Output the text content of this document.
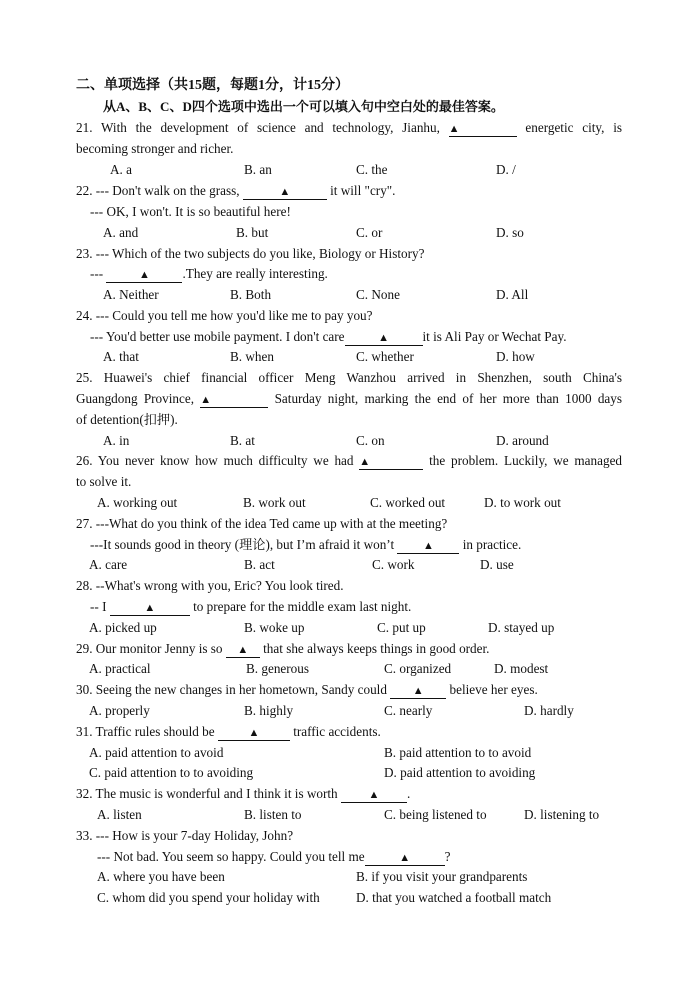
二、单项选择（共15题，每题1分，计15分）
从A、B、C、D四个选项中选出一个可以填入句中空白处的最佳答案。
21. With the development of science and technology, Jianhu, ▲	energetic city, is
becoming stronger and richer.
A. a	B. an	C. the	D. /
22. --- Don't walk on the grass,	▲	it will "cry".
--- OK, I won't. It is so beautiful here!
A. and	B. but	C. or	D. so
23. --- Which of the two subjects do you like, Biology or History?
---	▲ .They are really interesting.
A. Neither	B. Both	C. None	D. All
24. --- Could you tell me how you'd like me to pay you?
--- You'd better use mobile payment. I don't care	▲	it is Ali Pay or Wechat Pay.
A. that	B. when	C. whether	D. how
25. Huawei's chief financial officer Meng Wanzhou arrived in Shenzhen, south China's
Guangdong Province, ▲	Saturday night, marking the end of her more than 1000 days
of detention(扣押).
A. in	B. at	C. on	D. around
26. You never know how much difficulty we had ▲	the problem. Luckily, we managed
to solve it.
A. working out	B. work out	C. worked out	D. to work out
27. ---What do you think of the idea Ted came up with at the meeting?
---It sounds good in theory (理论), but I’m afraid it won’t	▲ in practice.
A. care	B. act	C. work	D. use
28. --What's wrong with you, Eric? You look tired.
29. Our monitor Jenny is so ▲ that she always keeps things in good order.
A. practical	B. generous	C. organized	D. modest
30. Seeing the new changes in her hometown, Sandy could ▲ believe her eyes.
A. properly	B. highly	C. nearly	D. hardly
31. Traffic rules should be	▲	traffic accidents.
A. paid attention to avoid	B. paid attention to to avoid
C. paid attention to to avoiding	D. paid attention to avoiding
32. The music is wonderful and I think it is worth	▲ .
A. listen	B. listen to	C. being listened to	D. listening to
33. --- How is your 7-day Holiday, John?
--- Not bad. You seem so happy. Could you tell me	▲	?
A. where you have been	B. if you visit your grandparents
C. whom did you spend your holiday with	D. that you watched a football match
-- I	▲	to prepare for the middle exam last night.
A. picked up	B. woke up	C. put up	D. stayed up
